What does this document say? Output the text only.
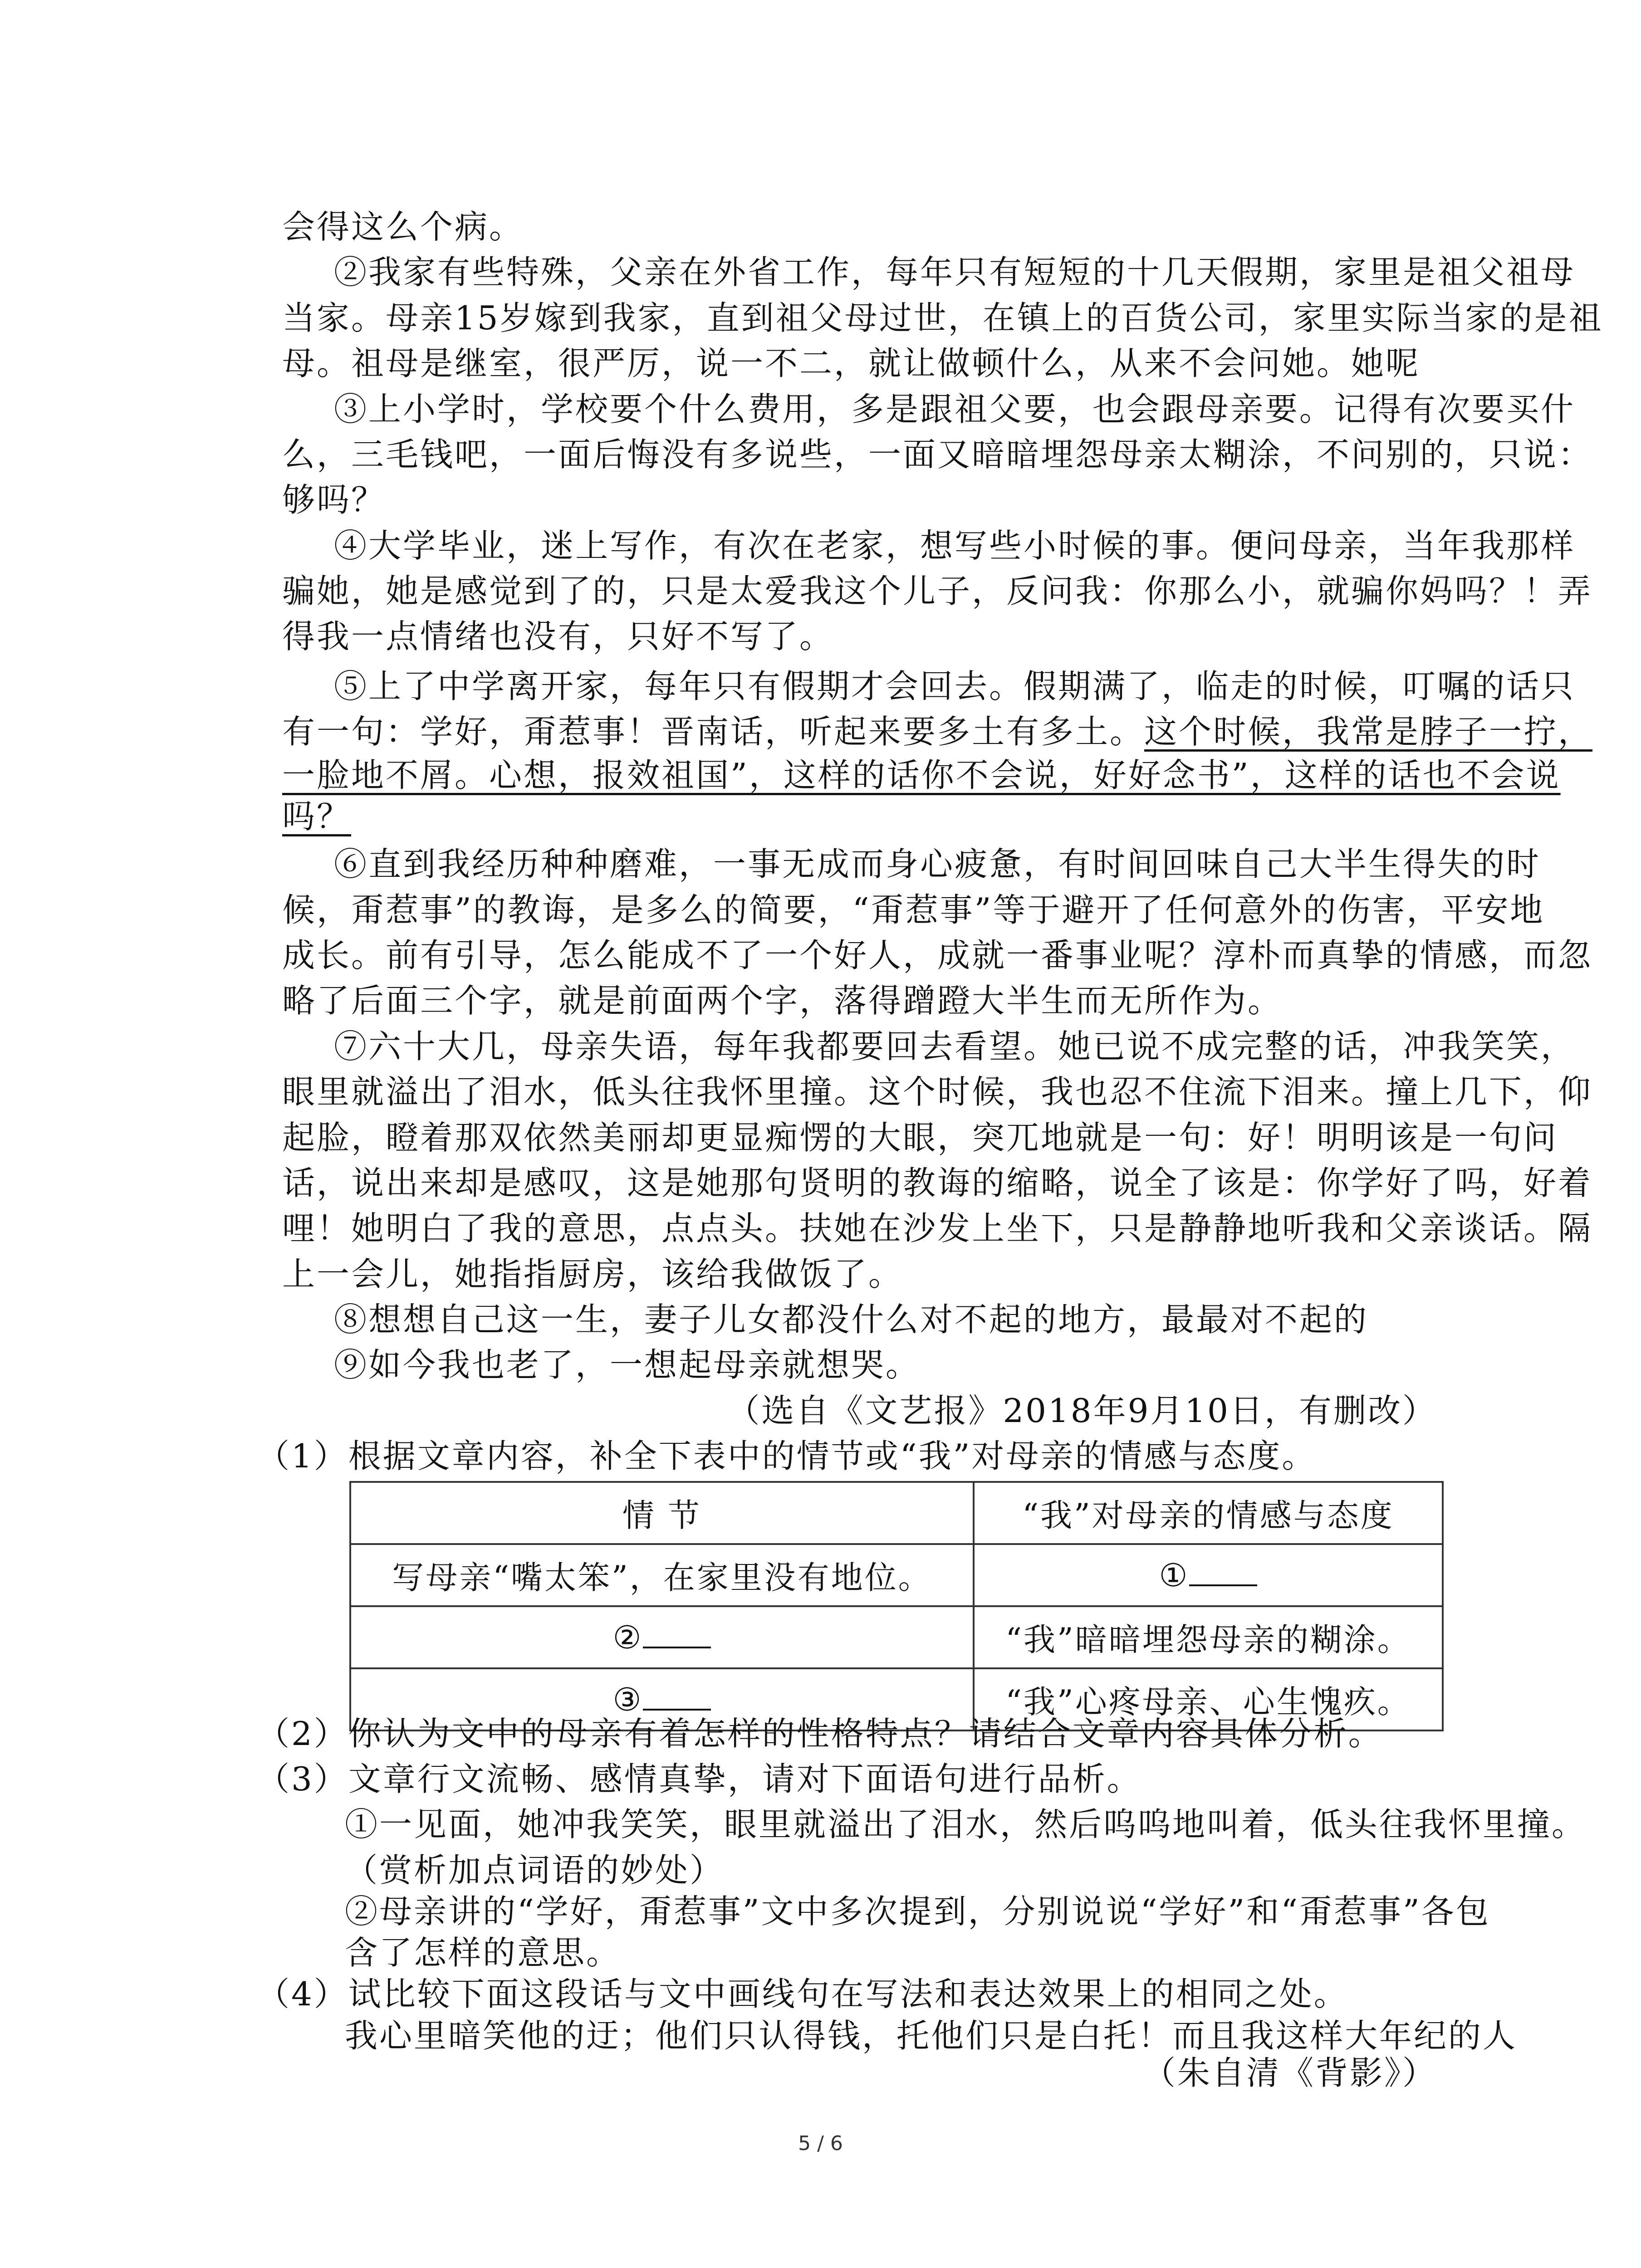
会得这么个病。
②我家有些特殊，父亲在外省工作，每年只有短短的十几天假期，家里是祖父祖母
当家。母亲15岁嫁到我家，直到祖父母过世，在镇上的百货公司，家里实际当家的是祖
母。祖母是继室，很严厉，说一不二，就让做顿什么，从来不会问她。她呢
③上小学时，学校要个什么费用，多是跟祖父要，也会跟母亲要。记得有次要买什
么，三毛钱吧，一面后悔没有多说些，一面又暗暗埋怨母亲太糊涂，不问别的，只说：
够吗？
④大学毕业，迷上写作，有次在老家，想写些小时候的事。便问母亲，当年我那样
骗她，她是感觉到了的，只是太爱我这个儿子，反问我：你那么小，就骗你妈吗？！弄
得我一点情绪也没有，只好不写了。
⑤上了中学离开家，每年只有假期才会回去。假期满了，临走的时候，叮嘱的话只
有一句：学好，甭惹事！晋南话，听起来要多土有多土。这个时候，我常是脖子一拧，
一脸地不屑。心想，报效祖国”，这样的话你不会说，好好念书”，这样的话也不会说
吗？
⑥直到我经历种种磨难，一事无成而身心疲惫，有时间回味自己大半生得失的时
候，甭惹事”的教诲，是多么的简要，“甭惹事”等于避开了任何意外的伤害，平安地
成长。前有引导，怎么能成不了一个好人，成就一番事业呢？淳朴而真挚的情感，而忽
略了后面三个字，就是前面两个字，落得蹭蹬大半生而无所作为。
⑦六十大几，母亲失语，每年我都要回去看望。她已说不成完整的话，冲我笑笑，
眼里就溢出了泪水，低头往我怀里撞。这个时候，我也忍不住流下泪来。撞上几下，仰
起脸，瞪着那双依然美丽却更显痴愣的大眼，突兀地就是一句：好！明明该是一句问
话，说出来却是感叹，这是她那句贤明的教诲的缩略，说全了该是：你学好了吗，好着
哩！她明白了我的意思，点点头。扶她在沙发上坐下，只是静静地听我和父亲谈话。隔
上一会儿，她指指厨房，该给我做饭了。
⑧想想自己这一生，妻子儿女都没什么对不起的地方，最最对不起的
⑨如今我也老了，一想起母亲就想哭。
（选自《文艺报》2018年9月10日，有删改）
（1）根据文章内容，补全下表中的情节或“我”对母亲的情感与态度。
情 节	“我”对母亲的情感与态度
写母亲“嘴太笨”，在家里没有地位。	①
②	“我”暗暗埋怨母亲的糊涂。
③	“我”心疼母亲、心生愧疚。
（2）你认为文中的母亲有着怎样的性格特点？请结合文章内容具体分析。
（3）文章行文流畅、感情真挚，请对下面语句进行品析。
①一见面，她冲我笑笑，眼里就溢出了泪水，然后呜呜地叫着，低头往我怀里撞。
（赏析加点词语的妙处）
5 / 6
②母亲讲的“学好，甭惹事”文中多次提到，分别说说“学好”和“甭惹事”各包
含了怎样的意思。
（4）试比较下面这段话与文中画线句在写法和表达效果上的相同之处。
我心里暗笑他的迂；他们只认得钱，托他们只是白托！而且我这样大年纪的人
（朱自清《背影》）
